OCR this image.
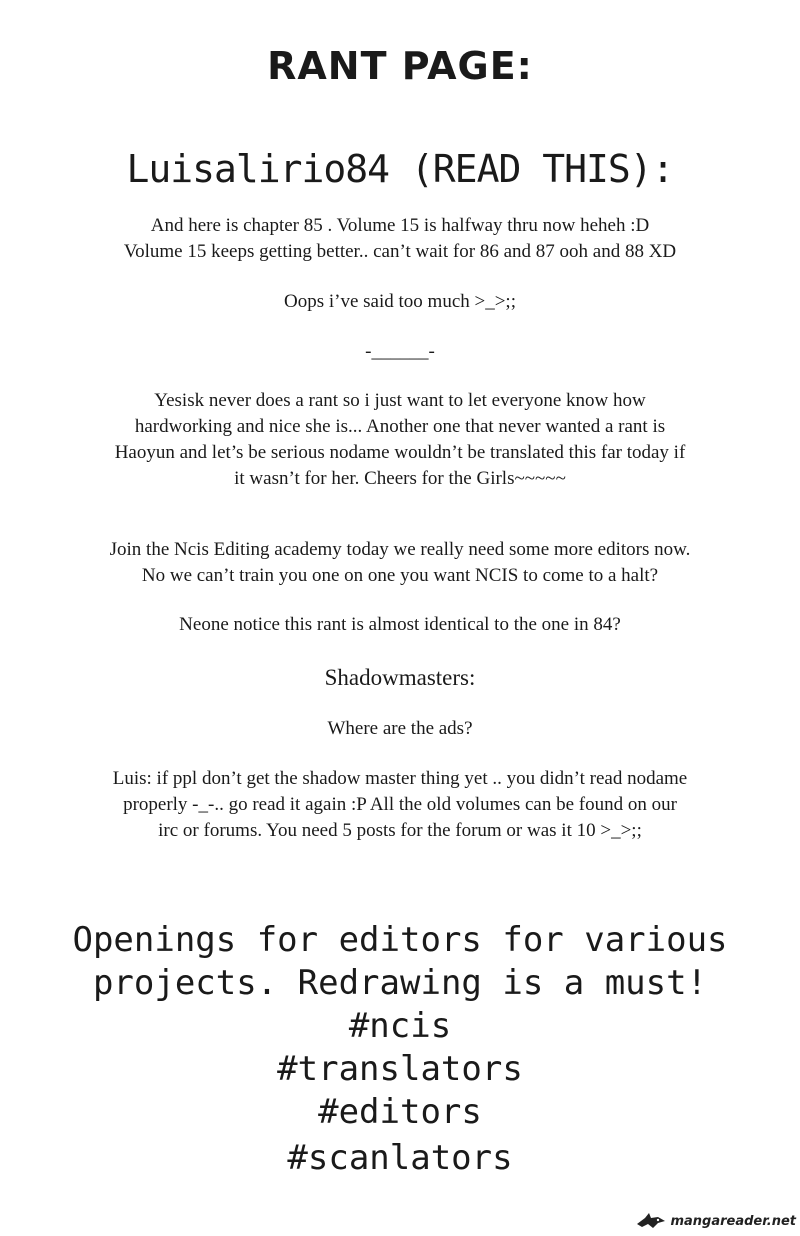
RANT PAGE:
Luisalirio84 (READ THIS):
And here is chapter 85 . Volume 15 is halfway thru now heheh :D
Volume 15 keeps getting better.. can’t wait for 86 and 87 ooh and 88 XD
Oops i’ve said too much >_>;;
-______-
Yesisk never does a rant so i just want to let everyone know how
hardworking and nice she is... Another one that never wanted a rant is
Haoyun and let’s be serious nodame wouldn’t be translated this far today if
it wasn’t for her. Cheers for the Girls~~~~~
Join the Ncis Editing academy today we really need some more editors now.
No we can’t train you one on one you want NCIS to come to a halt?
Neone notice this rant is almost identical to the one in 84?
Shadowmasters:
Where are the ads?
Luis: if ppl don’t get the shadow master thing yet .. you didn’t read nodame
properly -_-.. go read it again :P All the old volumes can be found on our
irc or forums. You need 5 posts for the forum or was it 10 >_>;;
Openings for editors for various
projects. Redrawing is a must!
#ncis
#translators
#editors
#scanlators
mangareader.net
